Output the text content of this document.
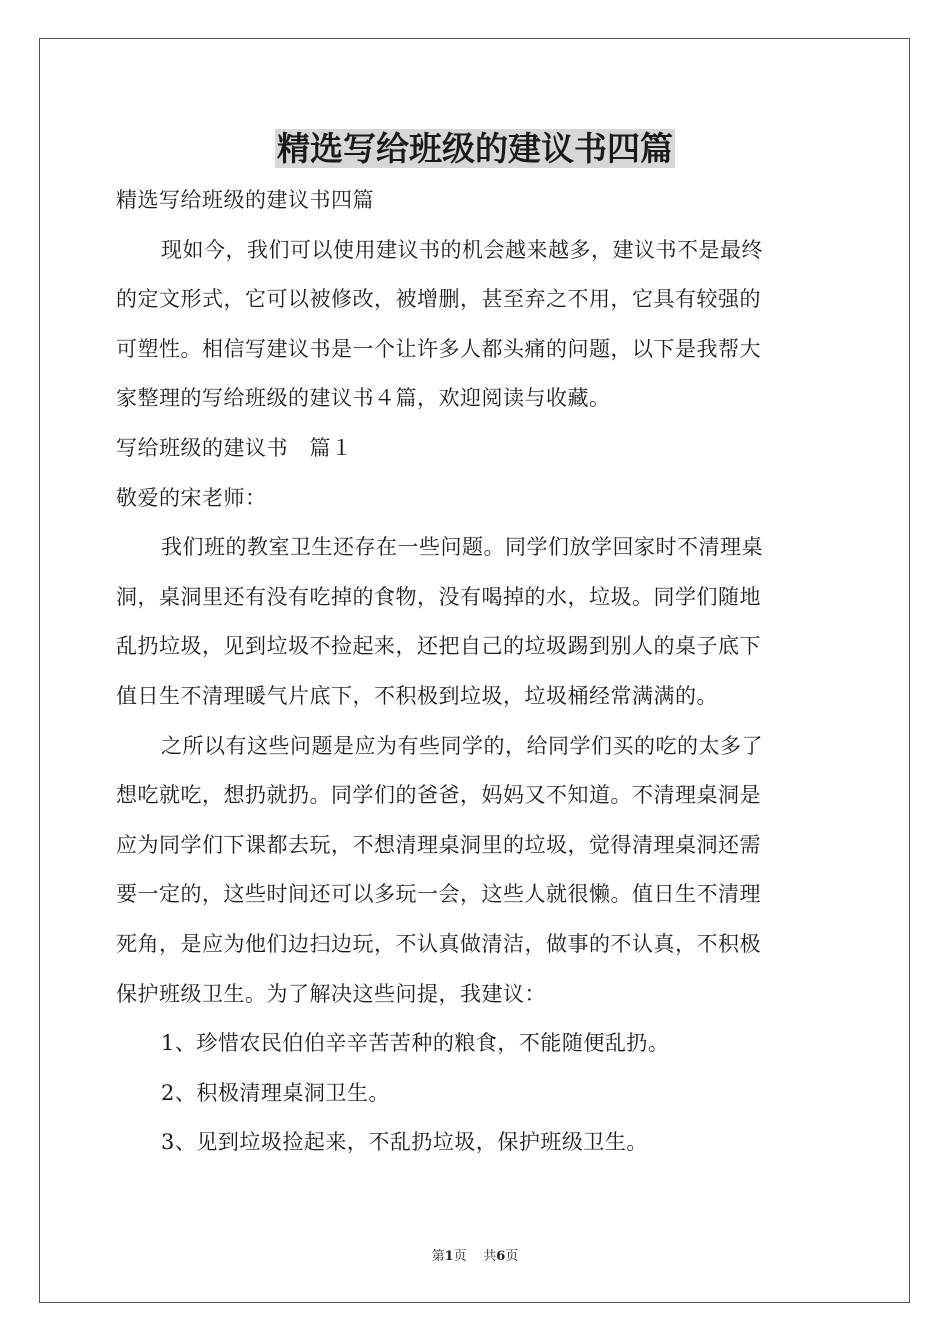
精选写给班级的建议书四篇

精选写给班级的建议书四篇

现如今，我们可以使用建议书的机会越来越多，建议书不是最终

的定文形式，它可以被修改，被增删，甚至弃之不用，它具有较强的

可塑性。相信写建议书是一个让许多人都头痛的问题，以下是我帮大

家整理的写给班级的建议书４篇，欢迎阅读与收藏。

写给班级的建议书　篇１

敬爱的宋老师：

我们班的教室卫生还存在一些问题。同学们放学回家时不清理桌

洞，桌洞里还有没有吃掉的食物，没有喝掉的水，垃圾。同学们随地

乱扔垃圾，见到垃圾不捡起来，还把自己的垃圾踢到别人的桌子底下

值日生不清理暖气片底下，不积极到垃圾，垃圾桶经常满满的。

之所以有这些问题是应为有些同学的，给同学们买的吃的太多了

想吃就吃，想扔就扔。同学们的爸爸，妈妈又不知道。不清理桌洞是

应为同学们下课都去玩，不想清理桌洞里的垃圾，觉得清理桌洞还需

要一定的，这些时间还可以多玩一会，这些人就很懒。值日生不清理

死角，是应为他们边扫边玩，不认真做清洁，做事的不认真，不积极

保护班级卫生。为了解决这些问提，我建议：

1、珍惜农民伯伯辛辛苦苦种的粮食，不能随便乱扔。

2、积极清理桌洞卫生。

3、见到垃圾捡起来，不乱扔垃圾，保护班级卫生。

第1页 共6页
